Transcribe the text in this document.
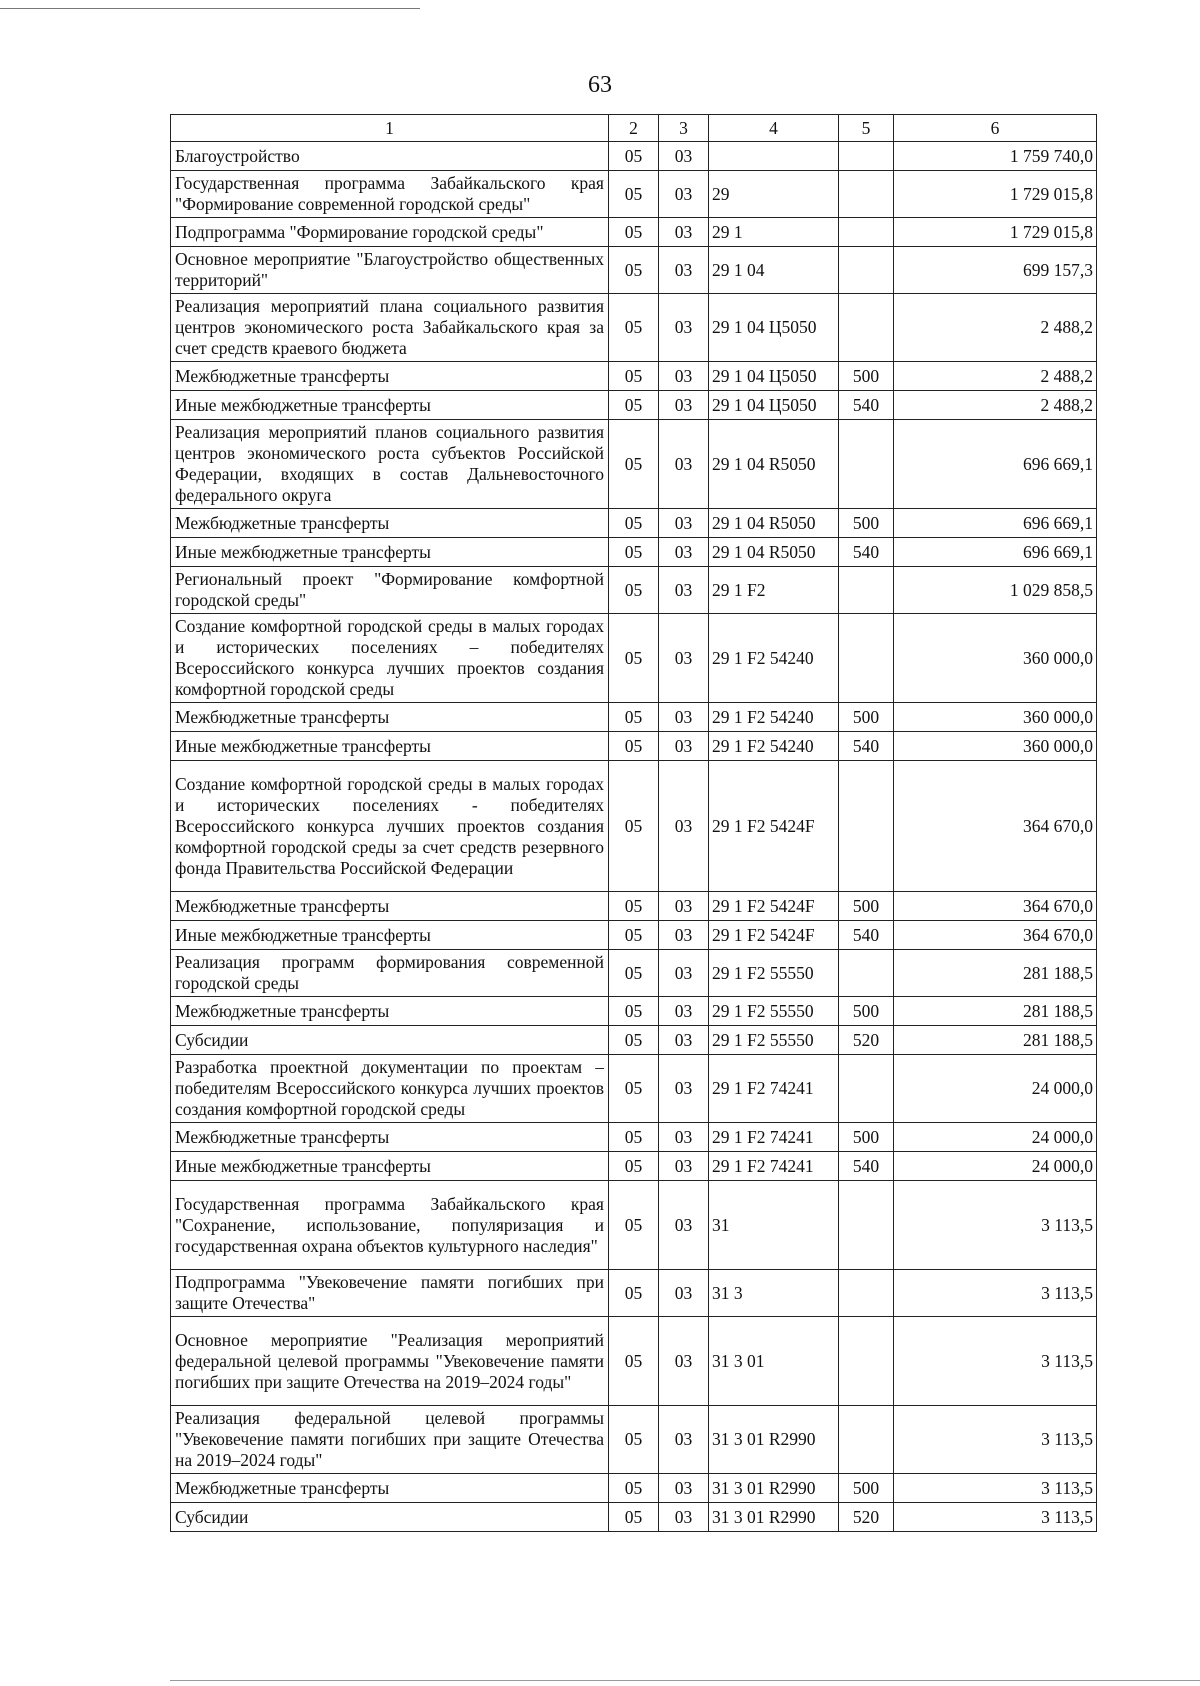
63
1	2	3	4	5	6
Благоустройство	05	03			1 759 740,0
Государственная программа Забайкальского края "Формирование современной городской среды"	05	03	29		1 729 015,8
Подпрограмма "Формирование городской среды"	05	03	29 1		1 729 015,8
Основное мероприятие "Благоустройство общественных территорий"	05	03	29 1 04		699 157,3
Реализация мероприятий плана социального развития центров экономического роста Забайкальского края за счет средств краевого бюджета	05	03	29 1 04 Ц5050		2 488,2
Межбюджетные трансферты	05	03	29 1 04 Ц5050	500	2 488,2
Иные межбюджетные трансферты	05	03	29 1 04 Ц5050	540	2 488,2
Реализация мероприятий планов социального развития центров экономического роста субъектов Российской Федерации, входящих в состав Дальневосточного федерального округа	05	03	29 1 04 R5050		696 669,1
Межбюджетные трансферты	05	03	29 1 04 R5050	500	696 669,1
Иные межбюджетные трансферты	05	03	29 1 04 R5050	540	696 669,1
Региональный проект "Формирование комфортной городской среды"	05	03	29 1 F2		1 029 858,5
Создание комфортной городской среды в малых городах и исторических поселениях – победителях Всероссийского конкурса лучших проектов создания комфортной городской среды	05	03	29 1 F2 54240		360 000,0
Межбюджетные трансферты	05	03	29 1 F2 54240	500	360 000,0
Иные межбюджетные трансферты	05	03	29 1 F2 54240	540	360 000,0
Создание комфортной городской среды в малых городах и исторических поселениях - победителях Всероссийского конкурса лучших проектов создания комфортной городской среды за счет средств резервного фонда Правительства Российской Федерации	05	03	29 1 F2 5424F		364 670,0
Межбюджетные трансферты	05	03	29 1 F2 5424F	500	364 670,0
Иные межбюджетные трансферты	05	03	29 1 F2 5424F	540	364 670,0
Реализация программ формирования современной городской среды	05	03	29 1 F2 55550		281 188,5
Межбюджетные трансферты	05	03	29 1 F2 55550	500	281 188,5
Субсидии	05	03	29 1 F2 55550	520	281 188,5
Разработка проектной документации по проектам – победителям Всероссийского конкурса лучших проектов создания комфортной городской среды	05	03	29 1 F2 74241		24 000,0
Межбюджетные трансферты	05	03	29 1 F2 74241	500	24 000,0
Иные межбюджетные трансферты	05	03	29 1 F2 74241	540	24 000,0
Государственная программа Забайкальского края "Сохранение, использование, популяризация и государственная охрана объектов культурного наследия"	05	03	31		3 113,5
Подпрограмма "Увековечение памяти погибших при защите Отечества"	05	03	31 3		3 113,5
Основное мероприятие "Реализация мероприятий федеральной целевой программы "Увековечение памяти погибших при защите Отечества на 2019–2024 годы"	05	03	31 3 01		3 113,5
Реализация федеральной целевой программы "Увековечение памяти погибших при защите Отечества на 2019–2024 годы"	05	03	31 3 01 R2990		3 113,5
Межбюджетные трансферты	05	03	31 3 01 R2990	500	3 113,5
Субсидии	05	03	31 3 01 R2990	520	3 113,5
